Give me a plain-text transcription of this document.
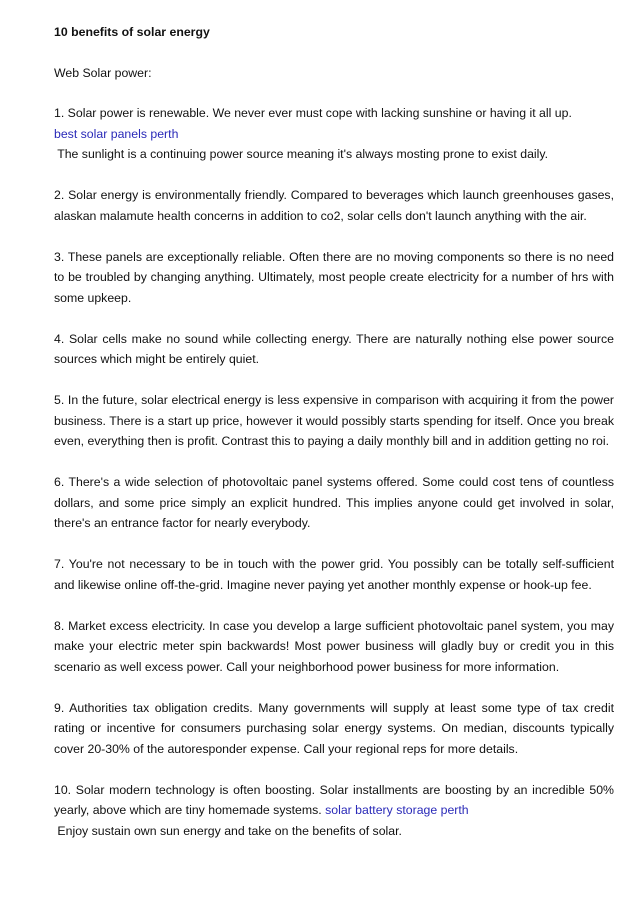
10 benefits of solar energy
Web Solar power:
1. Solar power is renewable. We never ever must cope with lacking sunshine or having it all up.
best solar panels perth
The sunlight is a continuing power source meaning it's always mosting prone to exist daily.
2. Solar energy is environmentally friendly. Compared to beverages which launch greenhouses gases, alaskan malamute health concerns in addition to co2, solar cells don't launch anything with the air.
3. These panels are exceptionally reliable. Often there are no moving components so there is no need to be troubled by changing anything. Ultimately, most people create electricity for a number of hrs with some upkeep.
4. Solar cells make no sound while collecting energy. There are naturally nothing else power source sources which might be entirely quiet.
5. In the future, solar electrical energy is less expensive in comparison with acquiring it from the power business. There is a start up price, however it would possibly starts spending for itself. Once you break even, everything then is profit. Contrast this to paying a daily monthly bill and in addition getting no roi.
6. There's a wide selection of photovoltaic panel systems offered. Some could cost tens of countless dollars, and some price simply an explicit hundred. This implies anyone could get involved in solar, there's an entrance factor for nearly everybody.
7. You're not necessary to be in touch with the power grid. You possibly can be totally self-sufficient and likewise online off-the-grid. Imagine never paying yet another monthly expense or hook-up fee.
8. Market excess electricity. In case you develop a large sufficient photovoltaic panel system, you may make your electric meter spin backwards! Most power business will gladly buy or credit you in this scenario as well excess power. Call your neighborhood power business for more information.
9. Authorities tax obligation credits. Many governments will supply at least some type of tax credit rating or incentive for consumers purchasing solar energy systems. On median, discounts typically cover 20-30% of the autoresponder expense. Call your regional reps for more details.
10. Solar modern technology is often boosting. Solar installments are boosting by an incredible 50% yearly, above which are tiny homemade systems. solar battery storage perth
Enjoy sustain own sun energy and take on the benefits of solar.
